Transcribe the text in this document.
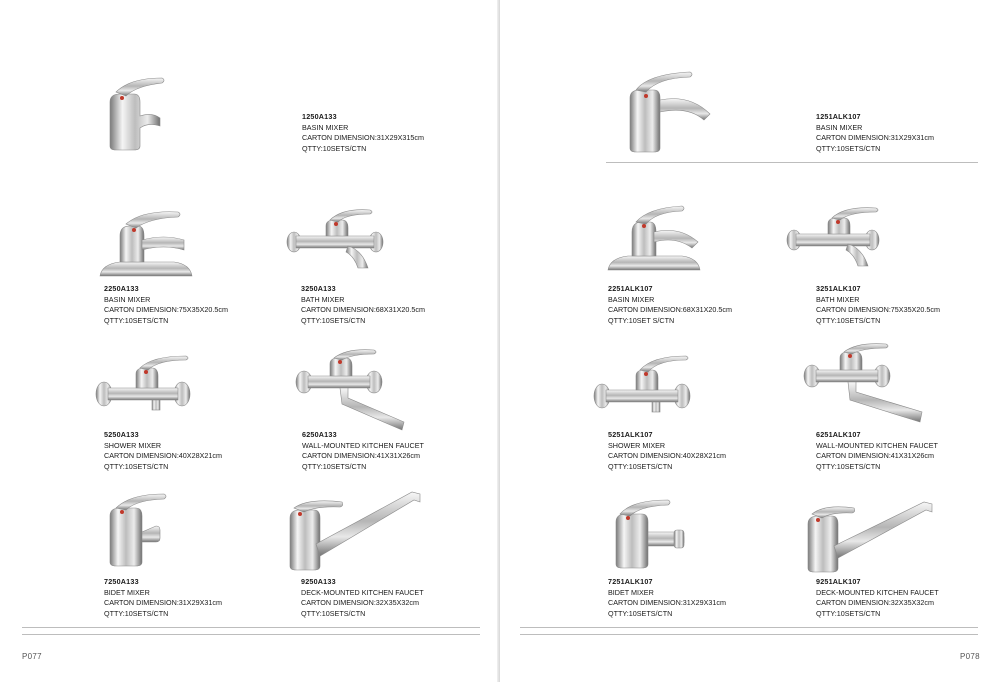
1250A133
BASIN MIXER
CARTON DIMENSION:31X29X315cm
QTTY:10SETS/CTN
2250A133
BASIN MIXER
CARTON DIMENSION:75X35X20.5cm
QTTY:10SETS/CTN
3250A133
BATH MIXER
CARTON DIMENSION:68X31X20.5cm
QTTY:10SETS/CTN
5250A133
SHOWER MIXER
CARTON DIMENSION:40X28X21cm
QTTY:10SETS/CTN
6250A133
WALL-MOUNTED KITCHEN FAUCET
CARTON DIMENSION:41X31X26cm
QTTY:10SETS/CTN
7250A133
BIDET MIXER
CARTON DIMENSION:31X29X31cm
QTTY:10SETS/CTN
9250A133
DECK-MOUNTED KITCHEN FAUCET
CARTON DIMENSION:32X35X32cm
QTTY:10SETS/CTN
P077
1251ALK107
BASIN MIXER
CARTON DIMENSION:31X29X31cm
QTTY:10SETS/CTN
2251ALK107
BASIN MIXER
CARTON DIMENSION:68X31X20.5cm
QTTY:10SET S/CTN
3251ALK107
BATH MIXER
CARTON DIMENSION:75X35X20.5cm
QTTY:10SETS/CTN
5251ALK107
SHOWER MIXER
CARTON DIMENSION:40X28X21cm
QTTY:10SETS/CTN
6251ALK107
WALL-MOUNTED KITCHEN FAUCET
CARTON DIMENSION:41X31X26cm
QTTY:10SETS/CTN
7251ALK107
BIDET MIXER
CARTON DIMENSION:31X29X31cm
QTTY:10SETS/CTN
9251ALK107
DECK-MOUNTED KITCHEN FAUCET
CARTON DIMENSION:32X35X32cm
QTTY:10SETS/CTN
P078
